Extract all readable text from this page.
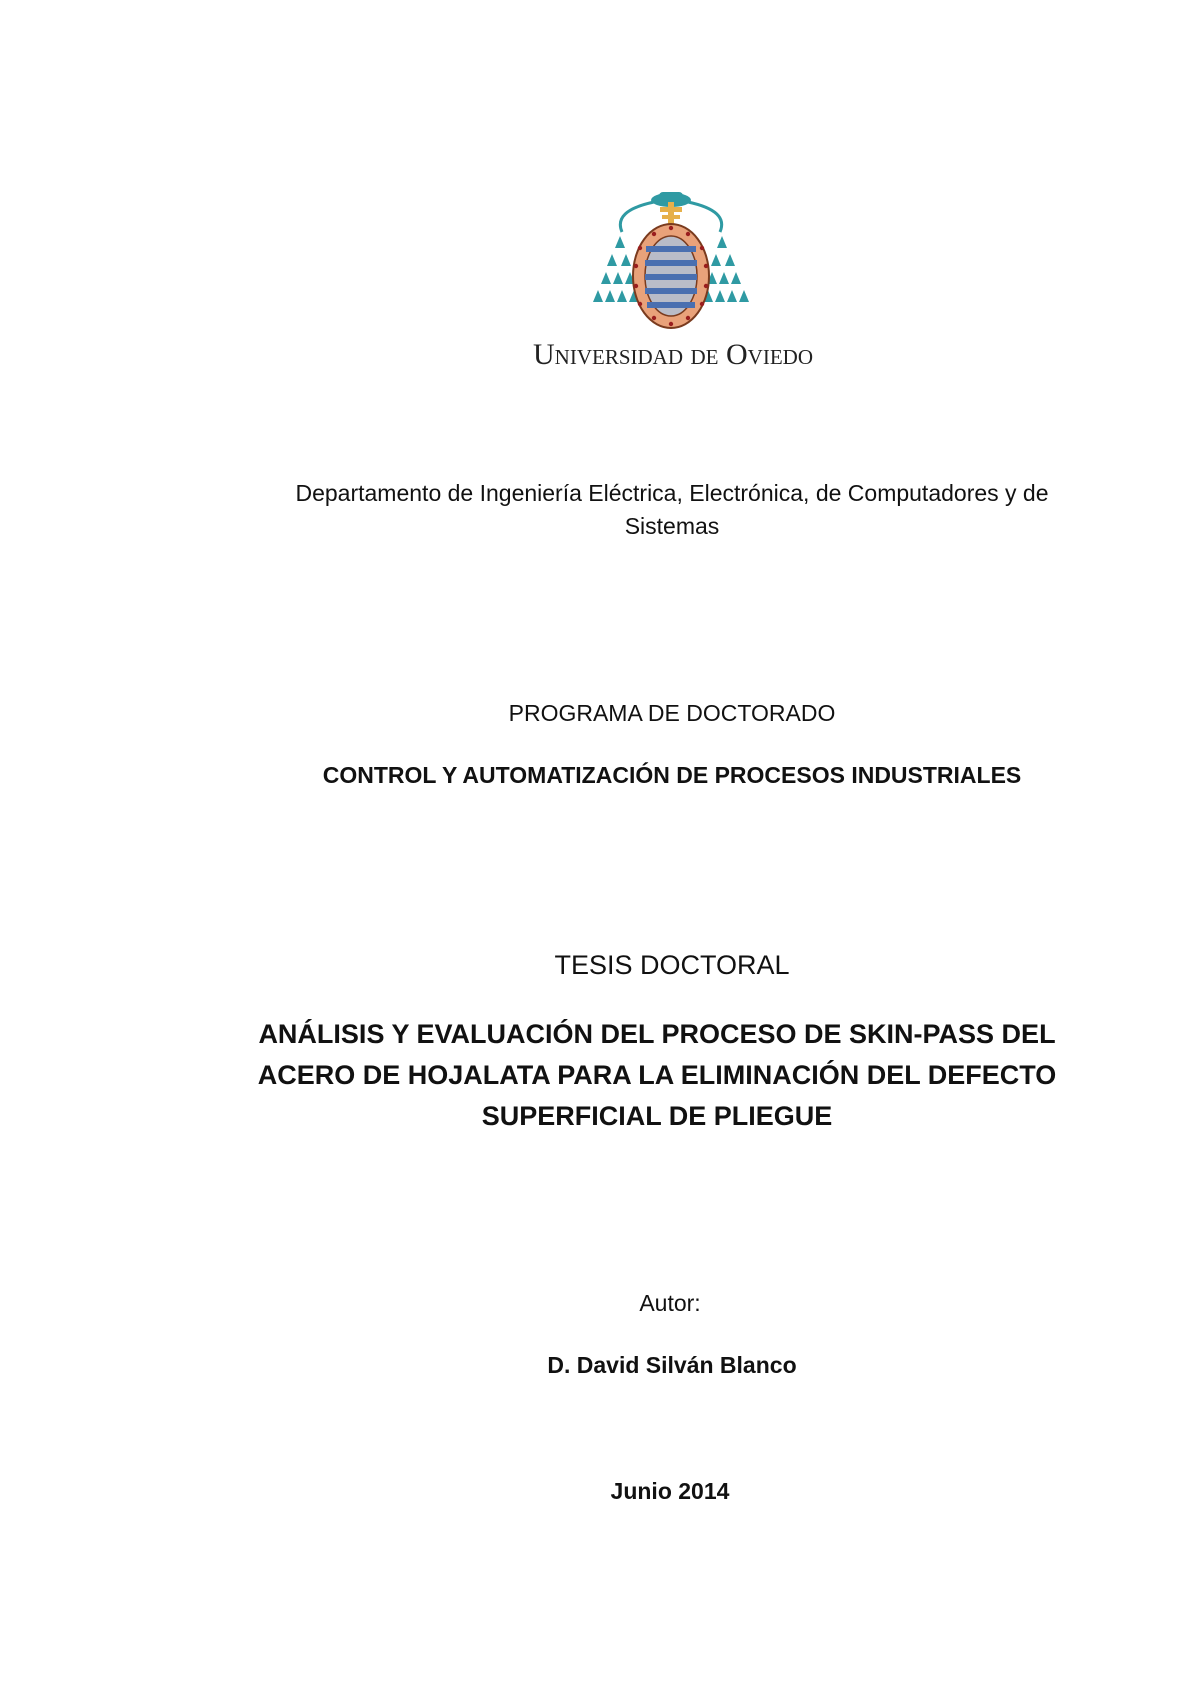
Universidad de Oviedo
Departamento de Ingeniería Eléctrica, Electrónica, de Computadores y de Sistemas
PROGRAMA DE DOCTORADO
CONTROL Y AUTOMATIZACIÓN DE PROCESOS INDUSTRIALES
TESIS DOCTORAL
ANÁLISIS Y EVALUACIÓN DEL PROCESO DE SKIN-PASS DEL ACERO DE HOJALATA PARA LA ELIMINACIÓN DEL DEFECTO SUPERFICIAL DE PLIEGUE
Autor:
D. David Silván Blanco
Junio 2014
